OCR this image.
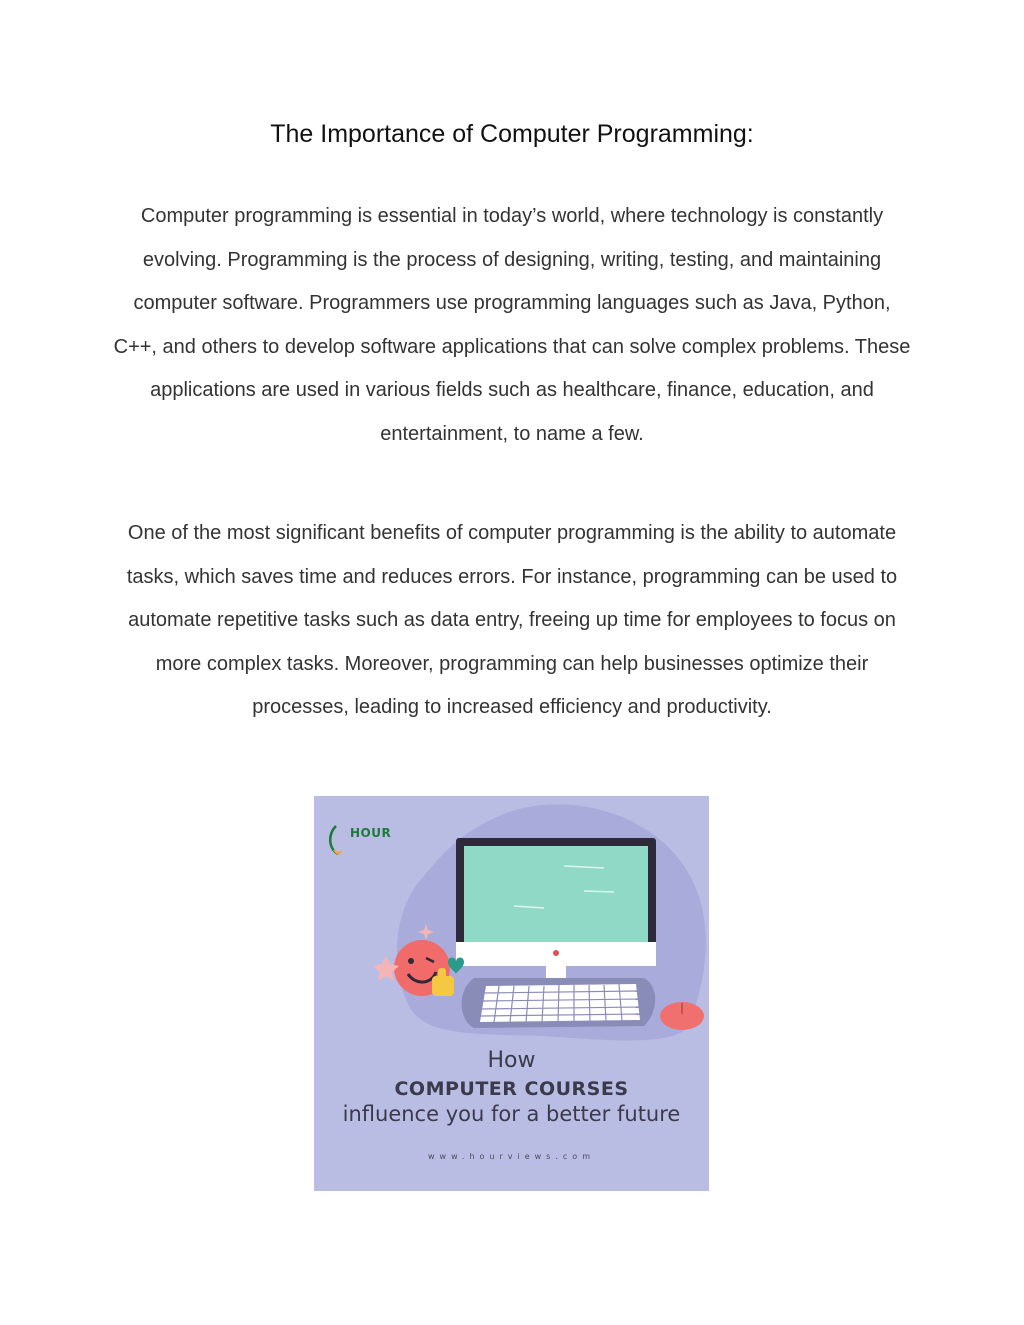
The Importance of Computer Programming:

Computer programming is essential in today’s world, where technology is constantly evolving. Programming is the process of designing, writing, testing, and maintaining computer software. Programmers use programming languages such as Java, Python, C++, and others to develop software applications that can solve complex problems. These applications are used in various fields such as healthcare, finance, education, and entertainment, to name a few.

One of the most significant benefits of computer programming is the ability to automate tasks, which saves time and reduces errors. For instance, programming can be used to automate repetitive tasks such as data entry, freeing up time for employees to focus on more complex tasks. Moreover, programming can help businesses optimize their processes, leading to increased efficiency and productivity.

HOUR
How
COMPUTER COURSES
influence you for a better future
www.hourviews.com
